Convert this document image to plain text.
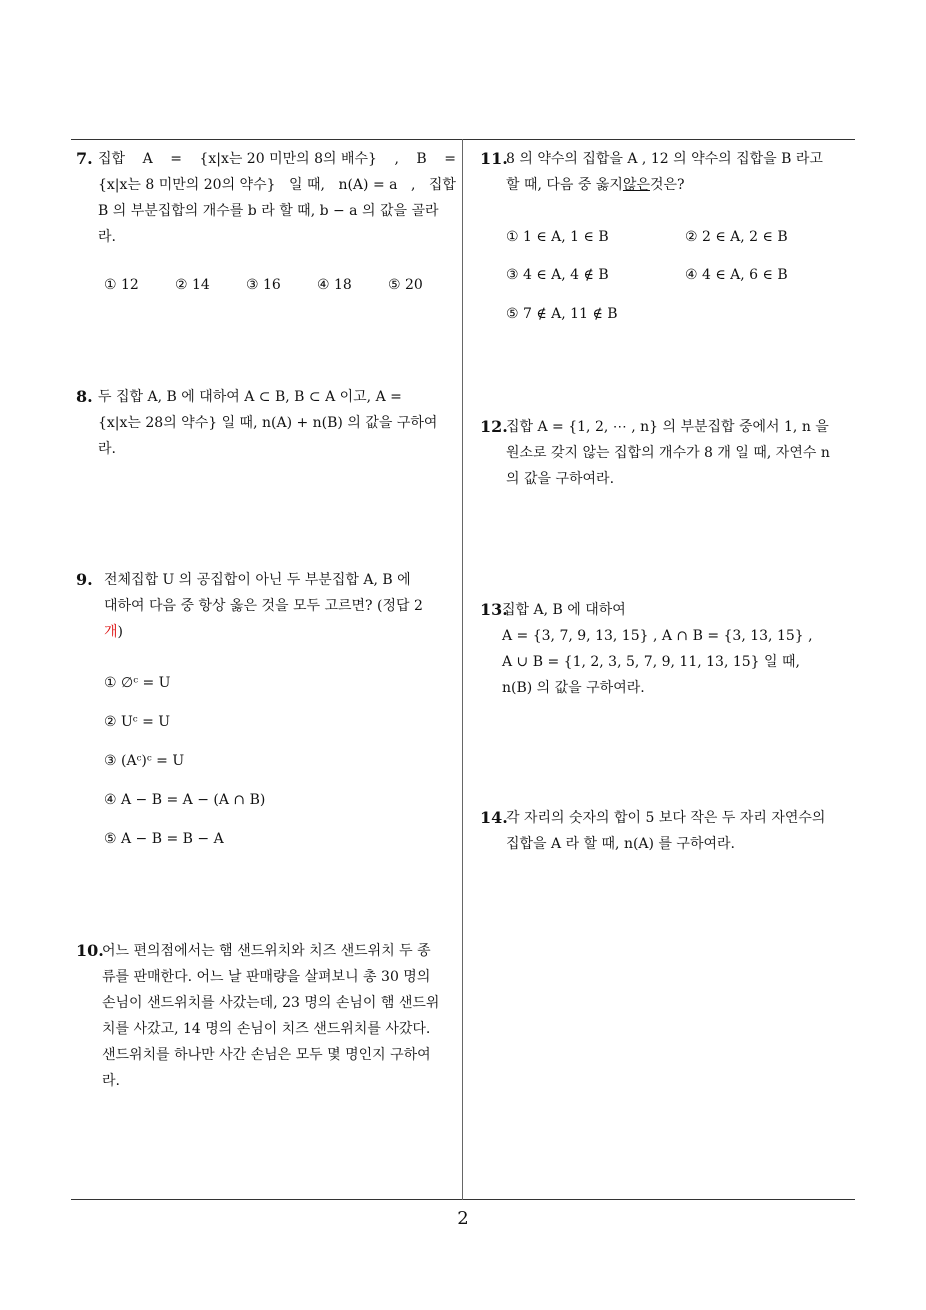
7. 집합 A = {x|x는 20 미만의 8의 배수} , B =
{x|x는 8 미만의 20의 약수} 일 때, n(A) = a , 집합
B 의 부분집합의 개수를 b 라 할 때, b − a 의 값을 골라
라.
① 12	② 14	③ 16	④ 18	⑤ 20
8. 두 집합 A, B 에 대하여 A ⊂ B, B ⊂ A 이고, A =
{x|x는 28의 약수} 일 때, n(A) + n(B) 의 값을 구하여
라.
9. 전체집합 U 의 공집합이 아닌 두 부분집합 A, B 에
대하여 다음 중 항상 옳은 것을 모두 고르면? (정답 2
개 )
① ∅ᶜ = U
② Uᶜ = U
③ (Aᶜ)ᶜ = U
④ A − B = A − (A ∩ B)
⑤ A − B = B − A
10.
어느 편의점에서는 햄 샌드위치와 치즈 샌드위치 두 종
류를 판매한다. 어느 날 판매량을 살펴보니 총 30 명의
손님이 샌드위치를 사갔는데, 23 명의 손님이 햄 샌드위
치를 사갔고, 14 명의 손님이 치즈 샌드위치를 사갔다.
샌드위치를 하나만 사간 손님은 모두 몇 명인지 구하여
라.
11.
8 의 약수의 집합을 A , 12 의 약수의 집합을 B 라고
할 때, 다음 중 옳지 않은 것은?
① 1 ∈ A, 1 ∈ B	② 2 ∈ A, 2 ∈ B
③ 4 ∈ A, 4 ∉ B	④ 4 ∈ A, 6 ∈ B
⑤ 7 ∉ A, 11 ∉ B
12.
집합 A = {1, 2, ⋯ , n} 의 부분집합 중에서 1, n 을
원소로 갖지 않는 집합의 개수가 8 개 일 때, 자연수 n
의 값을 구하여라.
13.
집합 A, B 에 대하여
A = {3, 7, 9, 13, 15} , A ∩ B = {3, 13, 15} ,
A ∪ B = {1, 2, 3, 5, 7, 9, 11, 13, 15} 일 때,
n(B) 의 값을 구하여라.
14.
각 자리의 숫자의 합이 5 보다 작은 두 자리 자연수의
집합을 A 라 할 때, n(A) 를 구하여라.
2
